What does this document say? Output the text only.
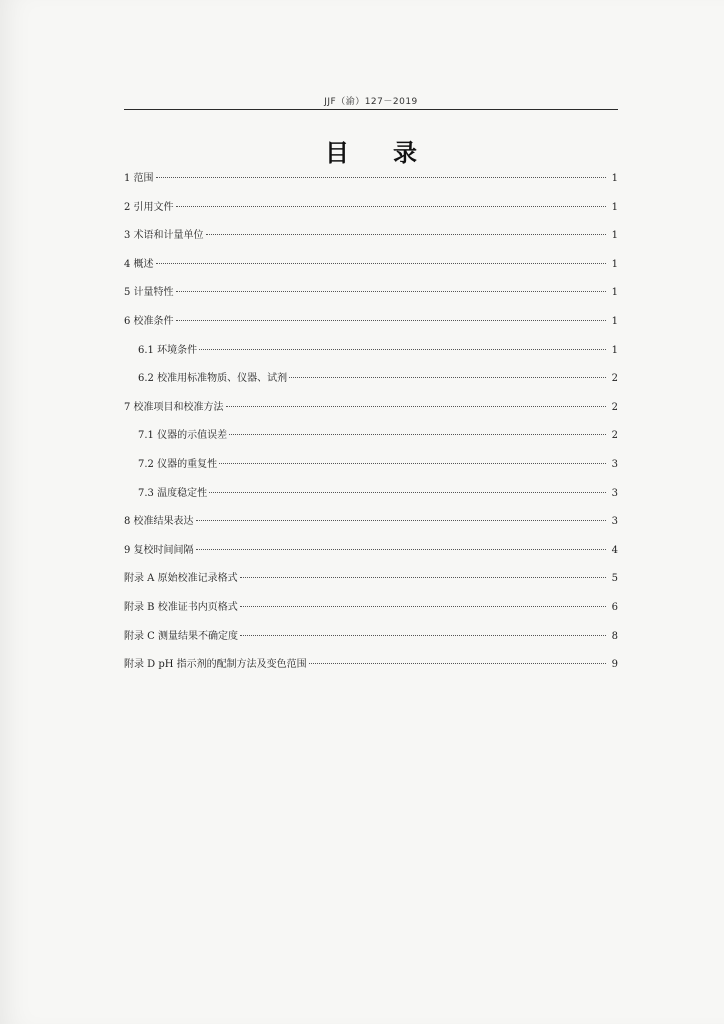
JJF（渝）127－2019
目录
1 范围	1
2 引用文件	1
3 术语和计量单位	1
4 概述	1
5 计量特性	1
6 校准条件	1
6.1 环境条件	1
6.2 校准用标准物质、仪器、试剂	2
7 校准项目和校准方法	2
7.1 仪器的示值误差	2
7.2 仪器的重复性	3
7.3 温度稳定性	3
8 校准结果表达	3
9 复校时间间隔	4
附录 A 原始校准记录格式	5
附录 B 校准证书内页格式	6
附录 C 测量结果不确定度	8
附录 D pH 指示剂的配制方法及变色范围	9
